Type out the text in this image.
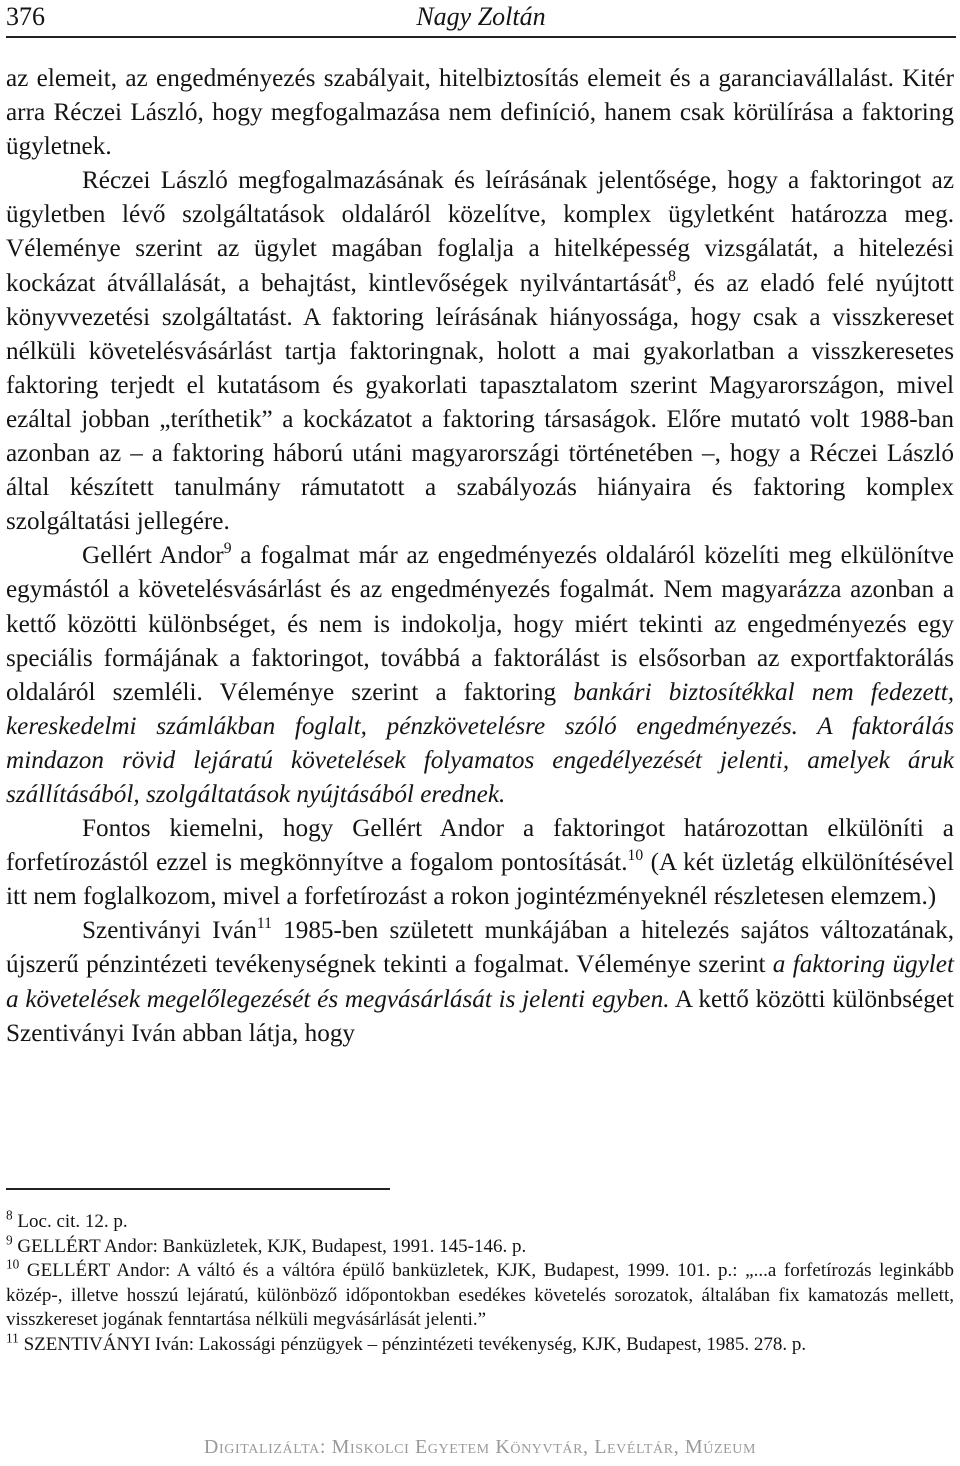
376	Nagy Zoltán

az elemeit, az engedményezés szabályait, hitelbiztosítás elemeit és a garanciavállalást. Kitér arra Réczei László, hogy megfogalmazása nem definíció, hanem csak körülírása a faktoring ügyletnek.

Réczei László megfogalmazásának és leírásának jelentősége, hogy a faktoringot az ügyletben lévő szolgáltatások oldaláról közelítve, komplex ügyletként határozza meg. Véleménye szerint az ügylet magában foglalja a hitelképesség vizsgálatát, a hitelezési kockázat átvállalását, a behajtást, kintlevőségek nyilvántartását$^8$, és az eladó felé nyújtott könyvvezetési szolgáltatást. A faktoring leírásának hiányossága, hogy csak a visszkereset nélküli követelésvásárlást tartja faktoringnak, holott a mai gyakorlatban a visszkeresetes faktoring terjedt el kutatásom és gyakorlati tapasztalatom szerint Magyarországon, mivel ezáltal jobban „teríthetik” a kockázatot a faktoring társaságok. Előre mutató volt 1988-ban azonban az – a faktoring háború utáni magyarországi történetében –, hogy a Réczei László által készített tanulmány rámutatott a szabályozás hiányaira és faktoring komplex szolgáltatási jellegére.

Gellért Andor$^9$ a fogalmat már az engedményezés oldaláról közelíti meg elkülönítve egymástól a követelésvásárlást és az engedményezés fogalmát. Nem magyarázza azonban a kettő közötti különbséget, és nem is indokolja, hogy miért tekinti az engedményezés egy speciális formájának a faktoringot, továbbá a faktorálást is elsősorban az exportfaktorálás oldaláról szemléli. Véleménye szerint a faktoring bankári biztosítékkal nem fedezett, kereskedelmi számlákban foglalt, pénzkövetelésre szóló engedményezés. A faktorálás mindazon rövid lejáratú követelések folyamatos engedélyezését jelenti, amelyek áruk szállításából, szolgáltatások nyújtásából erednek.

Fontos kiemelni, hogy Gellért Andor a faktoringot határozottan elkülöníti a forfetírozástól ezzel is megkönnyítve a fogalom pontosítását.$^{10}$ (A két üzletág elkülönítésével itt nem foglalkozom, mivel a forfetírozást a rokon jogintézményeknél részletesen elemzem.)

Szentiványi Iván$^{11}$ 1985-ben született munkájában a hitelezés sajátos változatának, újszerű pénzintézeti tevékenységnek tekinti a fogalmat. Véleménye szerint a faktoring ügylet a követelések megelőlegezését és megvásárlását is jelenti egyben. A kettő közötti különbséget Szentiványi Iván abban látja, hogy

$^8$ Loc. cit. 12. p.

$^9$ GELLÉRT Andor: Banküzletek, KJK, Budapest, 1991. 145-146. p.

$^{10}$ GELLÉRT Andor: A váltó és a váltóra épülő banküzletek, KJK, Budapest, 1999. 101. p.: „...a forfetírozás leginkább közép-, illetve hosszú lejáratú, különböző időpontokban esedékes követelés sorozatok, általában fix kamatozás mellett, visszkereset jogának fenntartása nélküli megvásárlását jelenti.”

$^{11}$ SZENTIVÁNYI Iván: Lakossági pénzügyek – pénzintézeti tevékenység, KJK, Budapest, 1985. 278. p.

Digitalizálta: Miskolci Egyetem Könyvtár, Levéltár, Múzeum
